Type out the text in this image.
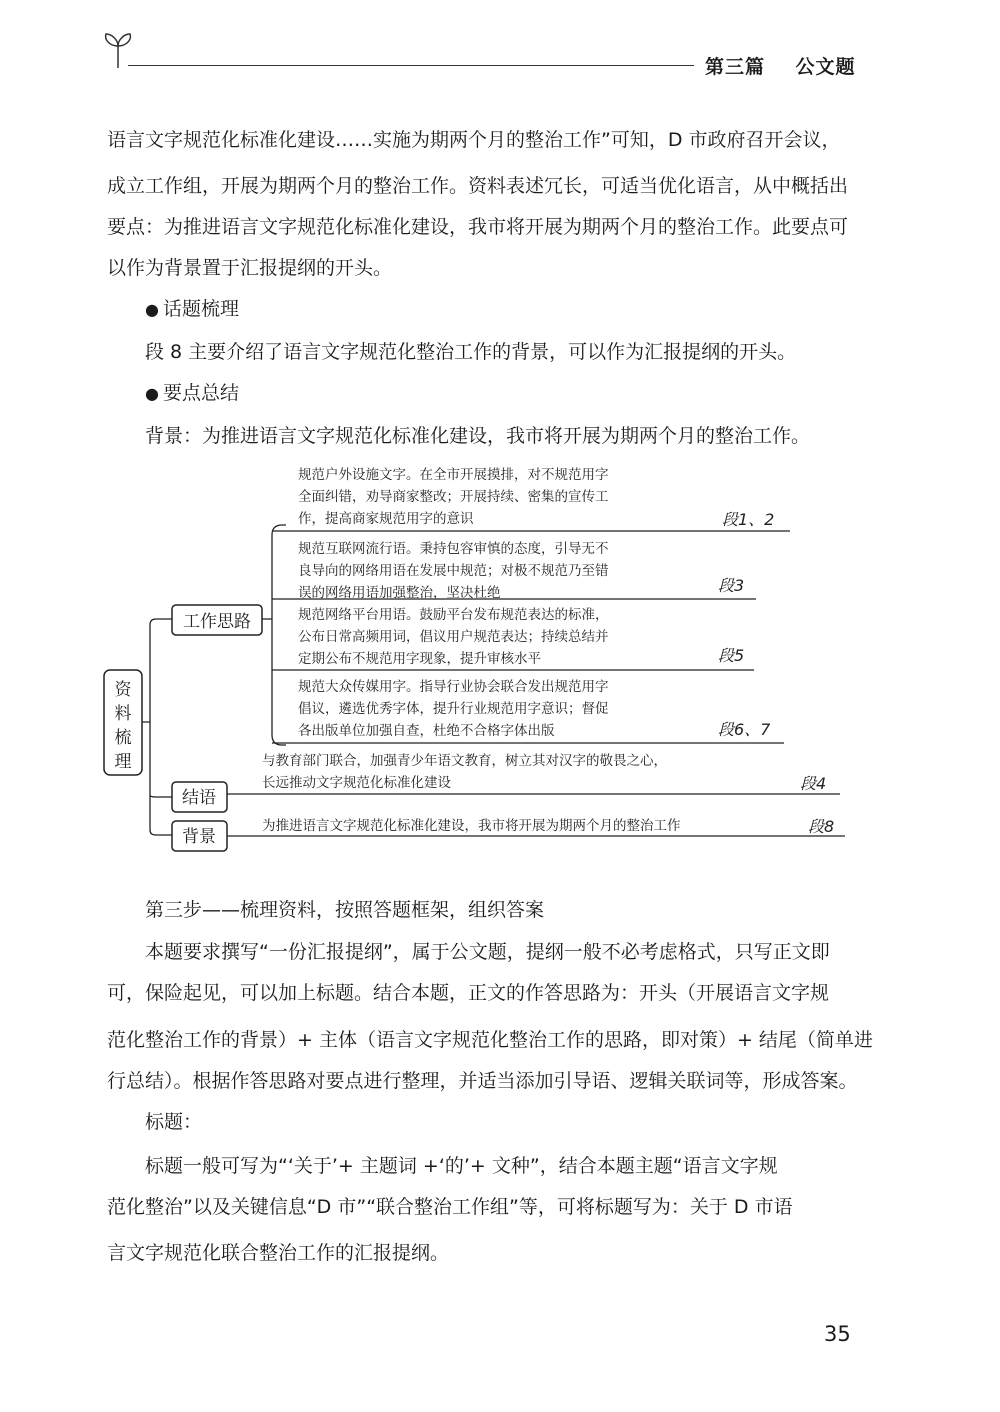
第三篇 公文题
语言文字规范化标准化建设……实施为期两个月的整治工作”可知，D 市政府召开会议，
成立工作组，开展为期两个月的整治工作。资料表述冗长，可适当优化语言，从中概括出
要点：为推进语言文字规范化标准化建设，我市将开展为期两个月的整治工作。此要点可
以作为背景置于汇报提纲的开头。
● 话题梳理
段 8 主要介绍了语言文字规范化整治工作的背景，可以作为汇报提纲的开头。
● 要点总结
背景：为推进语言文字规范化标准化建设，我市将开展为期两个月的整治工作。
资
料
梳
理
工作思路
规范户外设施文字。在全市开展摸排，对不规范用字
全面纠错，劝导商家整改；开展持续、密集的宣传工
作，提高商家规范用字的意识	段1、2
规范互联网流行语。秉持包容审慎的态度，引导无不
良导向的网络用语在发展中规范；对极不规范乃至错
误的网络用语加强整治，坚决杜绝	段3
规范网络平台用语。鼓励平台发布规范表达的标准，
公布日常高频用词，倡议用户规范表达；持续总结并
定期公布不规范用字现象，提升审核水平	段5
规范大众传媒用字。指导行业协会联合发出规范用字
倡议，遴选优秀字体，提升行业规范用字意识；督促
各出版单位加强自查，杜绝不合格字体出版	段6、7
结语
与教育部门联合，加强青少年语文教育，树立其对汉字的敬畏之心，
长远推动文字规范化标准化建设	段4
背景
为推进语言文字规范化标准化建设，我市将开展为期两个月的整治工作	段8
第三步——梳理资料，按照答题框架，组织答案
本题要求撰写“一份汇报提纲”，属于公文题，提纲一般不必考虑格式，只写正文即
可，保险起见，可以加上标题。结合本题，正文的作答思路为：开头（开展语言文字规
范化整治工作的背景）+ 主体（语言文字规范化整治工作的思路，即对策）+ 结尾（简单进
行总结）。根据作答思路对要点进行整理，并适当添加引导语、逻辑关联词等，形成答案。
标题：
标题一般可写为“‘关于’+ 主题词 +‘的’+ 文种”，结合本题主题“语言文字规
范化整治”以及关键信息“D 市”“联合整治工作组”等，可将标题写为：关于 D 市语
言文字规范化联合整治工作的汇报提纲。
35
